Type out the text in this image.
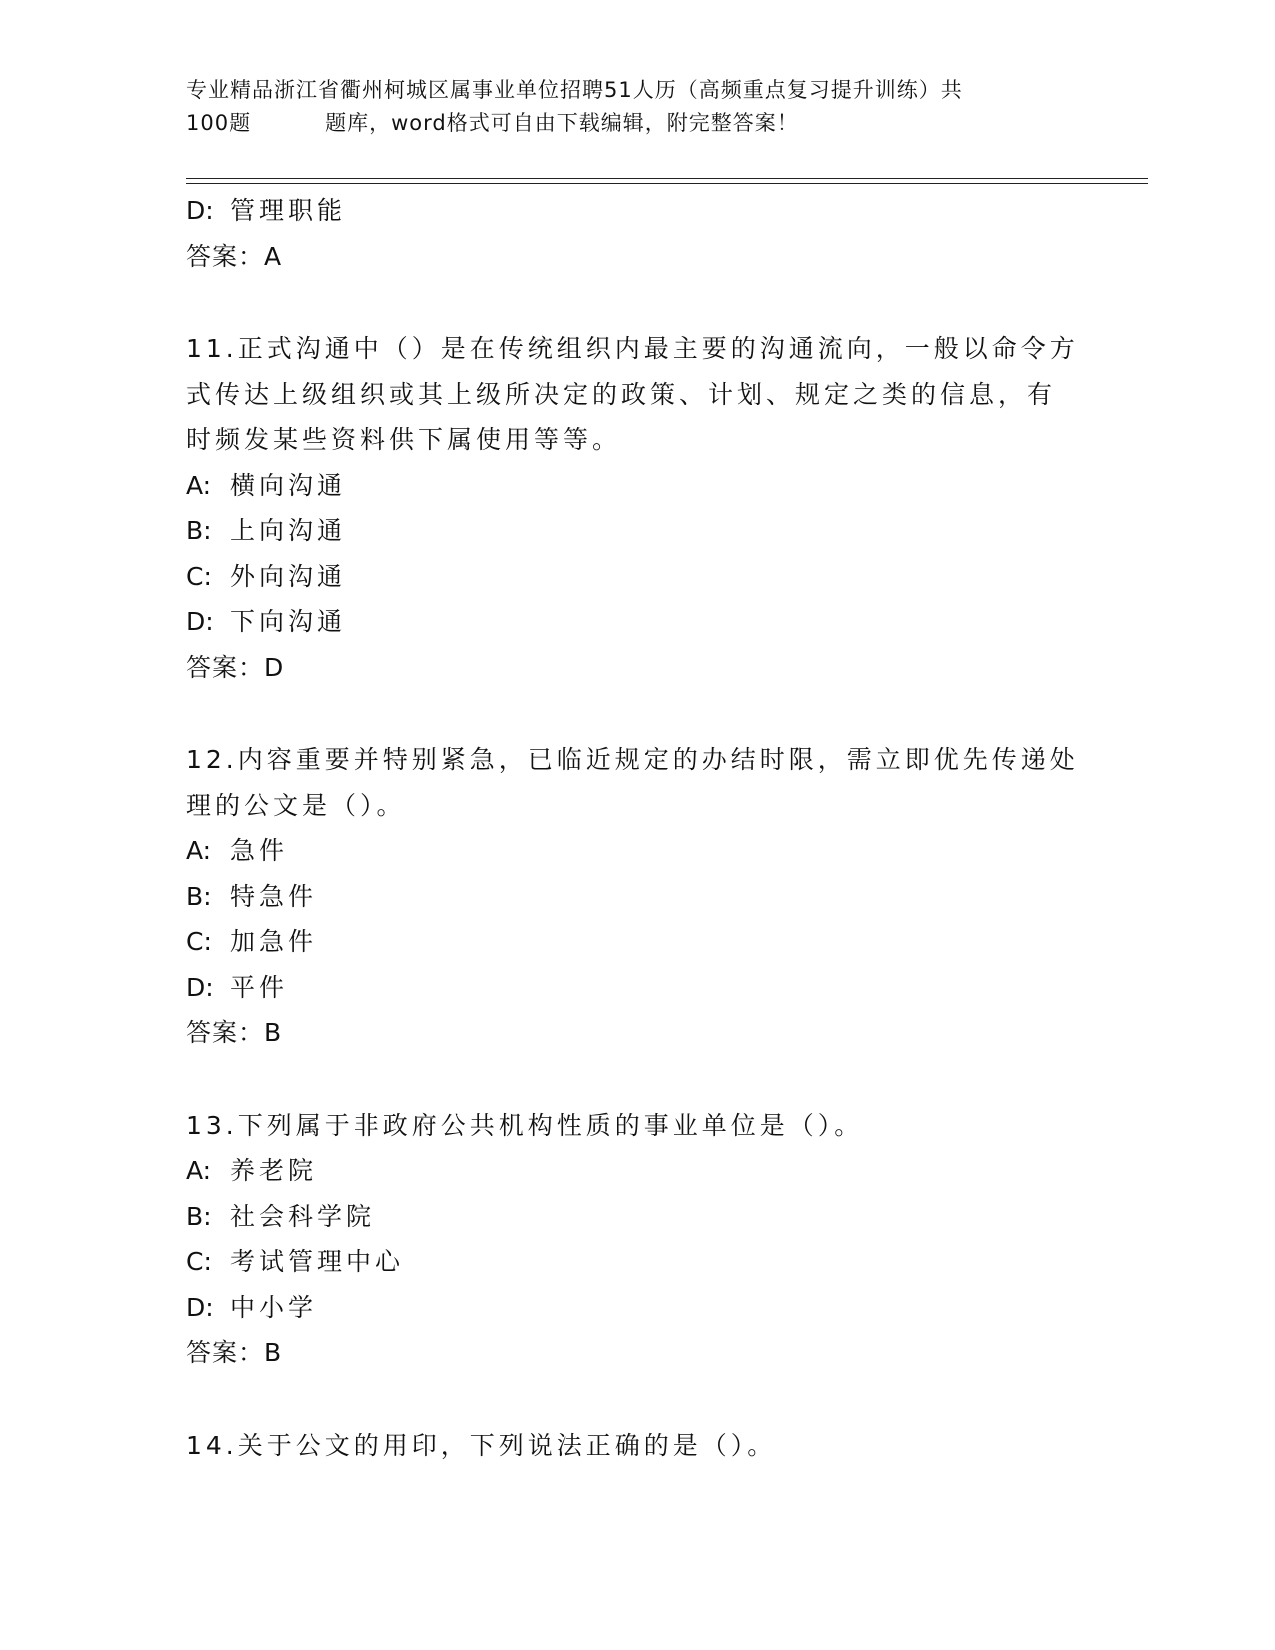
专业精品浙江省衢州柯城区属事业单位招聘51人历（高频重点复习提升训练）共
100题	题库，word格式可自由下载编辑，附完整答案！
D: 管理职能
答案：A
11.正式沟通中（）是在传统组织内最主要的沟通流向，一般以命令方
式传达上级组织或其上级所决定的政策、计划、规定之类的信息，有
时频发某些资料供下属使用等等。
A: 横向沟通
B: 上向沟通
C: 外向沟通
D: 下向沟通
答案：D
12.内容重要并特别紧急，已临近规定的办结时限，需立即优先传递处
理的公文是（）。
A: 急件
B: 特急件
C: 加急件
D: 平件
答案：B
13.下列属于非政府公共机构性质的事业单位是（）。
A: 养老院
B: 社会科学院
C: 考试管理中心
D: 中小学
答案：B
14.关于公文的用印，下列说法正确的是（）。
